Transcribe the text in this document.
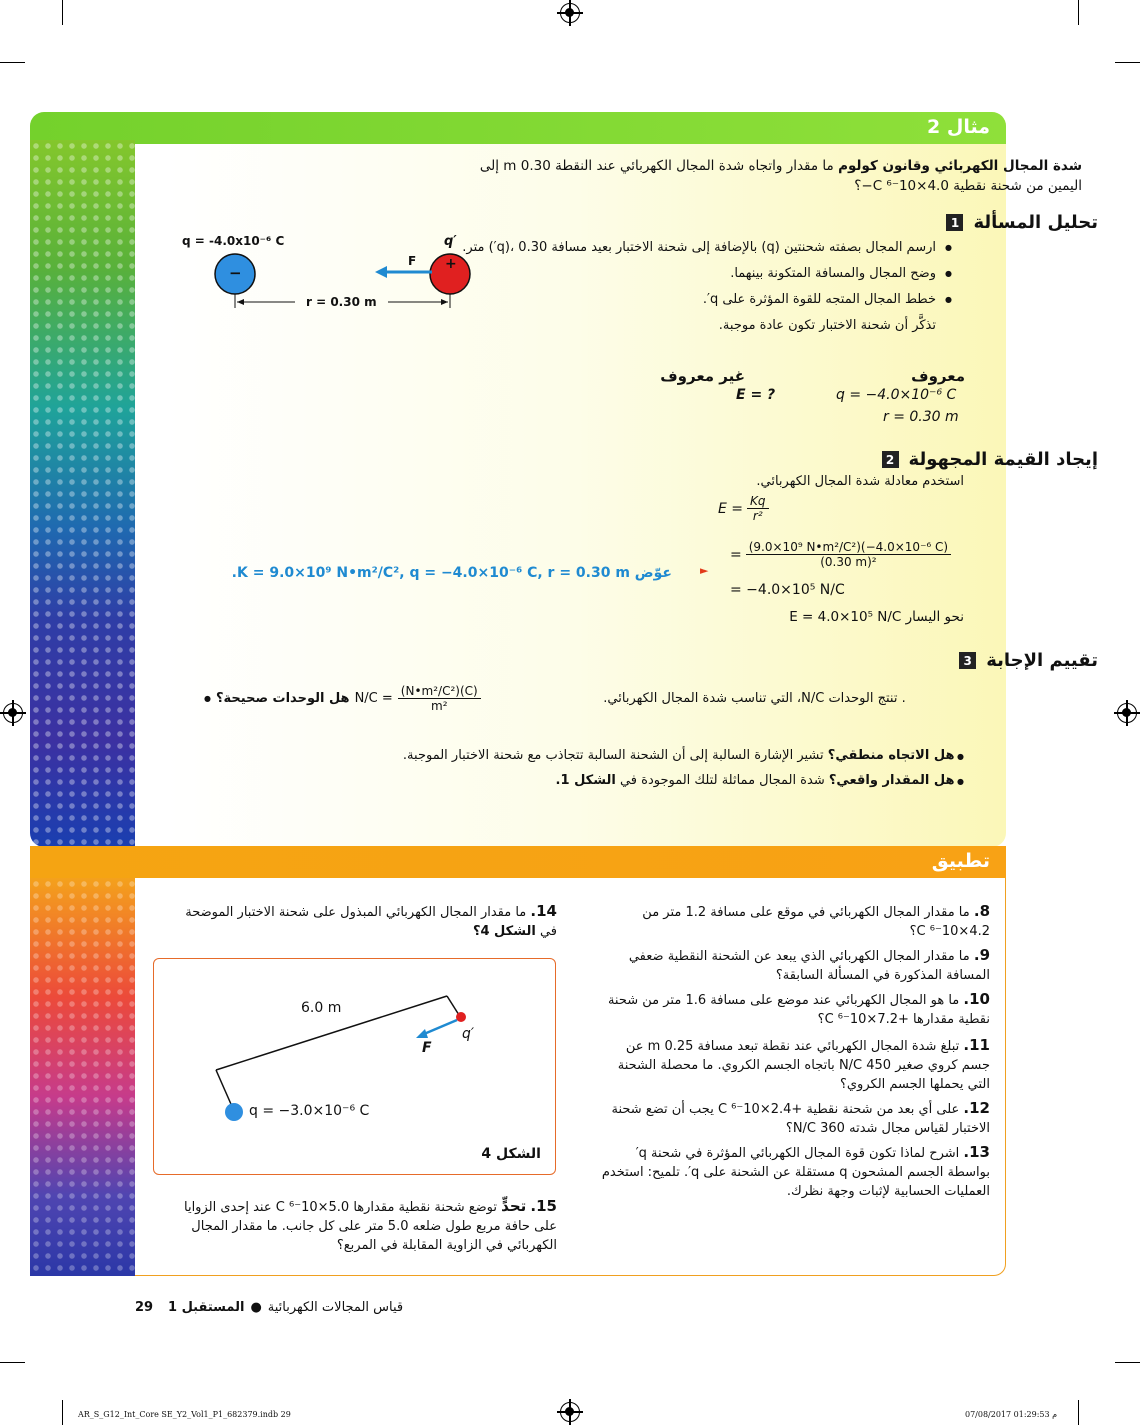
مثال 2
شدة المجال الكهربائي وقانون كولوم ما مقدار واتجاه شدة المجال الكهربائي عند النقطة 0.30 m إلى اليمين من شحنة نقطية C ⁶⁻10×4.0−؟
q = -4.0x10⁻⁶ C	q′
−	+
F
r = 0.30 m
1 تحليل المسألة
● ارسم المجال بصفته شحنتين (q) بالإضافة إلى شحنة الاختبار بعيد مسافة 0.30 ،(q′) متر.
● وضح المجال والمسافة المتكونة بينهما.
● خطط المجال المتجه للقوة المؤثرة على q′.
تذكَّر أن شحنة الاختبار تكون عادة موجبة.
معروف
غير معروف
q = −4.0×10⁻⁶ C
r = 0.30 m
E = ?
2 إيجاد القيمة المجهولة
استخدم معادلة شدة المجال الكهربائي.
$E = \frac{Kq}{\text{r²}}$
= $\frac{\text{(9.0×10⁹ N•m²/C²)(−4.0×10⁻⁶ C)}}{\text{(0.30 m)²}}$
►
عوّض K = 9.0×10⁹ N•m²/C², q = −4.0×10⁻⁶ C, r = 0.30 m.
= −4.0×10⁵ N/C
E = 4.0×10⁵ N/C نحو اليسار
3 تقييم الإجابة
● هل الوحدات صحيحة؟ $N/C = \frac{\text{(N•m²/C²)(C)}}{\text{m²}}$	. تنتج الوحدات N/C، التي تناسب شدة المجال الكهربائي.
● هل الاتجاه منطقي؟ تشير الإشارة السالبة إلى أن الشحنة السالبة تتجاذب مع شحنة الاختبار الموجبة.
● هل المقدار واقعي؟ شدة المجال مماثلة لتلك الموجودة في الشكل 1.
تطبيق
8. ما مقدار المجال الكهربائي في موقع على مسافة 1.2 متر من 4.2×10⁻⁶ C؟
9. ما مقدار المجال الكهربائي الذي يبعد عن الشحنة النقطية ضعفي المسافة المذكورة في المسألة السابقة؟
10. ما هو المجال الكهربائي عند موضع على مسافة 1.6 متر من شحنة نقطية مقدارها +7.2×10⁻⁶ C؟
11. تبلغ شدة المجال الكهربائي عند نقطة تبعد مسافة 0.25 m عن جسم كروي صغير 450 N/C باتجاه الجسم الكروي. ما محصلة الشحنة التي يحملها الجسم الكروي؟
12. على أي بعد من شحنة نقطية +2.4×10⁻⁶ C يجب أن تضع شحنة الاختبار لقياس مجال شدته 360 N/C؟
13. اشرح لماذا تكون قوة المجال الكهربائي المؤثرة في شحنة q′ بواسطة الجسم المشحون q مستقلة عن الشحنة على q′. تلميح: استخدم العمليات الحسابية لإثبات وجهة نظرك.
14. ما مقدار المجال الكهربائي المبذول على شحنة الاختبار الموضحة في الشكل 4؟
6.0 m
q′
F
q = −3.0×10⁻⁶ C
الشكل 4
15. تحدٍّ توضع شحنة نقطية مقدارها 5.0×10⁻⁶ C عند إحدى الزوايا على حافة مربع طول ضلعه 5.0 متر على كل جانب. ما مقدار المجال الكهربائي في الزاوية المقابلة في المربع؟
29 المستقبل 1 ● قياس المجالات الكهربائية
AR_S_G12_Int_Core SE_Y2_Vol1_P1_682379.indb 29	07/08/2017 01:29:53 م
